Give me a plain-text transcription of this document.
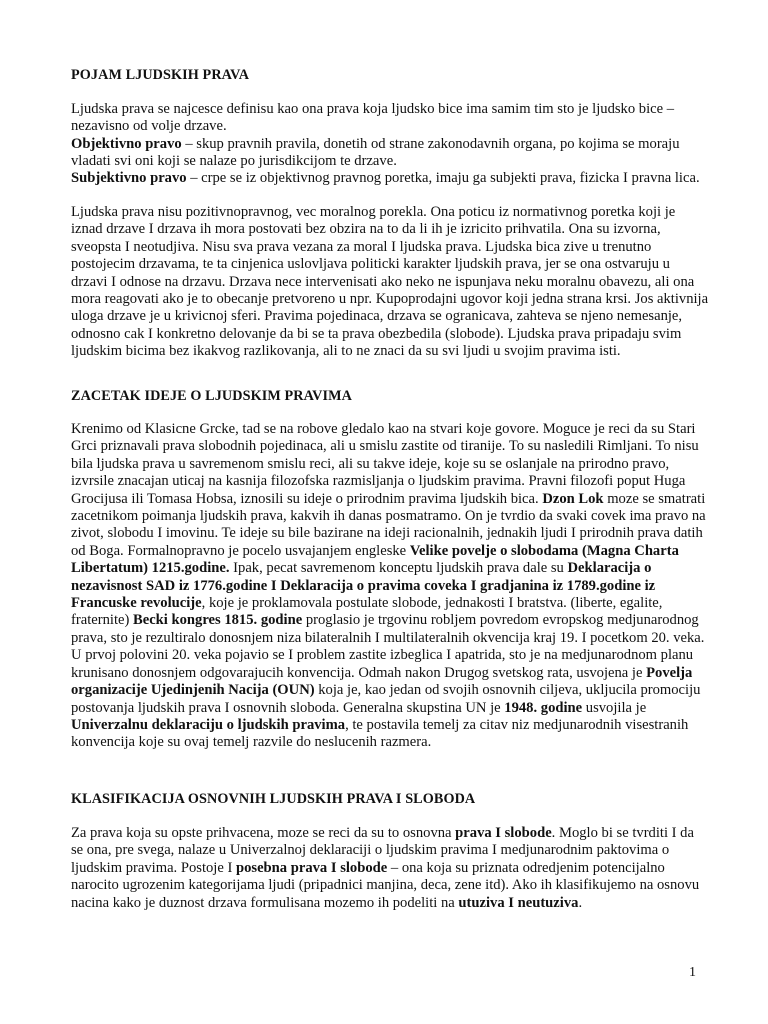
POJAM LJUDSKIH PRAVA

Ljudska prava se najcesce definisu kao ona prava koja ljudsko bice ima samim tim sto je ljudsko bice – nezavisno od volje drzave.

Objektivno pravo – skup pravnih pravila, donetih od strane zakonodavnih organa, po kojima se moraju vladati svi oni koji se nalaze po jurisdikcijom te drzave.

Subjektivno pravo – crpe se iz objektivnog pravnog poretka, imaju ga subjekti prava, fizicka I pravna lica.

Ljudska prava nisu pozitivnopravnog, vec moralnog porekla. Ona poticu iz normativnog poretka koji je iznad drzave I drzava ih mora postovati bez obzira na to da li ih je izricito prihvatila. Ona su izvorna, sveopsta I neotudjiva. Nisu sva prava vezana za moral I ljudska prava. Ljudska bica zive u trenutno postojecim drzavama, te ta cinjenica uslovljava politicki karakter ljudskih prava, jer se ona ostvaruju u drzavi I odnose na drzavu. Drzava nece intervenisati ako neko ne ispunjava neku moralnu obavezu, ali ona mora reagovati ako je to obecanje pretvoreno u npr. Kupoprodajni ugovor koji jedna strana krsi. Jos aktivnija uloga drzave je u krivicnoj sferi. Pravima pojedinaca, drzava se ogranicava, zahteva se njeno nemesanje, odnosno cak I konkretno delovanje da bi se ta prava obezbedila (slobode). Ljudska prava pripadaju svim ljudskim bicima bez ikakvog razlikovanja, ali to ne znaci da su svi ljudi u svojim pravima isti.

ZACETAK IDEJE O LJUDSKIM PRAVIMA

Krenimo od Klasicne Grcke, tad se na robove gledalo kao na stvari koje govore. Moguce je reci da su Stari Grci priznavali prava slobodnih pojedinaca, ali u smislu zastite od tiranije. To su nasledili Rimljani. To nisu bila ljudska prava u savremenom smislu reci, ali su takve ideje, koje su se oslanjale na prirodno pravo, izvrsile znacajan uticaj na kasnija filozofska razmisljanja o ljudskim pravima. Pravni filozofi poput Huga Grocijusa ili Tomasa Hobsa, iznosili su ideje o prirodnim pravima ljudskih bica. Dzon Lok moze se smatrati zacetnikom poimanja ljudskih prava, kakvih ih danas posmatramo. On je tvrdio da svaki covek ima pravo na zivot, slobodu I imovinu. Te ideje su bile bazirane na ideji racionalnih, jednakih ljudi I prirodnih prava datih od Boga. Formalnopravno je pocelo usvajanjem engleske Velike povelje o slobodama (Magna Charta Libertatum) 1215.godine. Ipak, pecat savremenom konceptu ljudskih prava dale su Deklaracija o nezavisnost SAD iz 1776.godine I Deklaracija o pravima coveka I gradjanina iz 1789.godine iz Francuske revolucije, koje je proklamovala postulate slobode, jednakosti I bratstva. (liberte, egalite, fraternite) Becki kongres 1815. godine proglasio je trgovinu robljem povredom evropskog medjunarodnog prava, sto je rezultiralo donosnjem niza bilateralnih I multilateralnih okvencija kraj 19. I pocetkom 20. veka. U prvoj polovini 20. veka pojavio se I problem zastite izbeglica I apatrida, sto je na medjunarodnom planu krunisano donosnjem odgovarajucih konvencija. Odmah nakon Drugog svetskog rata, usvojena je Povelja organizacije Ujedinjenih Nacija (OUN) koja je, kao jedan od svojih osnovnih ciljeva, ukljucila promociju postovanja ljudskih prava I osnovnih sloboda. Generalna skupstina UN je 1948. godine usvojila je Univerzalnu deklaraciju o ljudskih pravima, te postavila temelj za citav niz medjunarodnih visestranih konvencija koje su ovaj temelj razvile do neslucenih razmera.

KLASIFIKACIJA OSNOVNIH LJUDSKIH PRAVA I SLOBODA

Za prava koja su opste prihvacena, moze se reci da su to osnovna prava I slobode. Moglo bi se tvrditi I da se ona, pre svega, nalaze u Univerzalnoj deklaraciji o ljudskim pravima I medjunarodnim paktovima o ljudskim pravima. Postoje I posebna prava I slobode – ona koja su priznata odredjenim potencijalno narocito ugrozenim kategorijama ljudi (pripadnici manjina, deca, zene itd). Ako ih klasifikujemo na osnovu nacina kako je duznost drzava formulisana mozemo ih podeliti na utuziva I neutuziva.

1
